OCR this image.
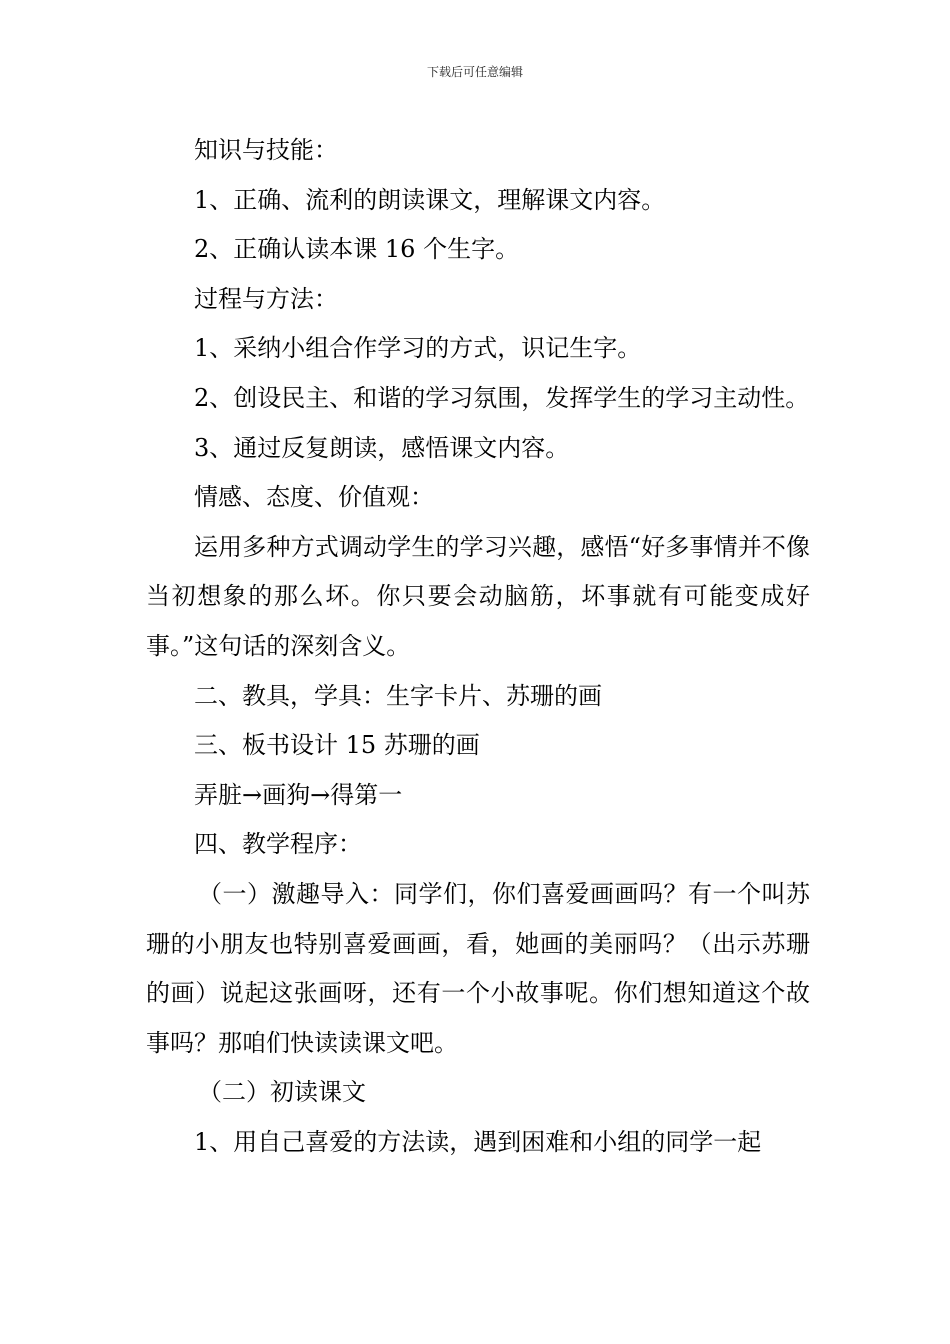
下载后可任意编辑

知识与技能：

1、正确、流利的朗读课文，理解课文内容。

2、正确认读本课 16 个生字。

过程与方法：

1、采纳小组合作学习的方式，识记生字。

2、创设民主、和谐的学习氛围，发挥学生的学习主动性。

3、通过反复朗读，感悟课文内容。

情感、态度、价值观：

运用多种方式调动学生的学习兴趣，感悟“好多事情并不像当初想象的那么坏。你只要会动脑筋，坏事就有可能变成好事。”这句话的深刻含义。

二、教具，学具：生字卡片、苏珊的画

三、板书设计 15 苏珊的画

弄脏→画狗→得第一

四、教学程序：

（一）激趣导入：同学们，你们喜爱画画吗？有一个叫苏珊的小朋友也特别喜爱画画，看，她画的美丽吗？（出示苏珊的画）说起这张画呀，还有一个小故事呢。你们想知道这个故事吗？那咱们快读读课文吧。

（二）初读课文

1、用自己喜爱的方法读，遇到困难和小组的同学一起
